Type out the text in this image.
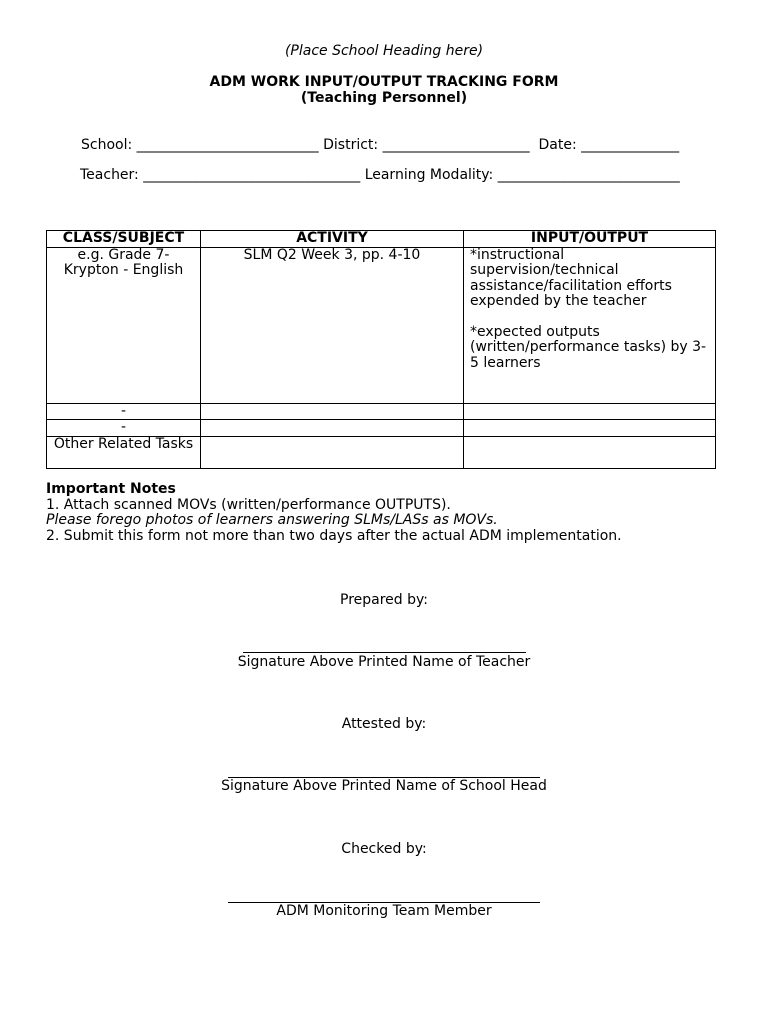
(Place School Heading here)
ADM WORK INPUT/OUTPUT TRACKING FORM
(Teaching Personnel)
School: __________________________ District: _____________________ Date: ______________
Teacher: _______________________________ Learning Modality: __________________________
CLASS/SUBJECT	ACTIVITY	INPUT/OUTPUT
e.g. Grade 7- Krypton - English	SLM Q2 Week 3, pp. 4-10	*instructional supervision/technical assistance/facilitation efforts expended by the teacher
*expected outputs (written/performance tasks) by 3-5 learners

-		
-		
Other Related Tasks		
Important Notes
1. Attach scanned MOVs (written/performance OUTPUTS).
Please forego photos of learners answering SLMs/LASs as MOVs.
2. Submit this form not more than two days after the actual ADM implementation.
Prepared by:
Signature Above Printed Name of Teacher
Attested by:
Signature Above Printed Name of School Head
Checked by:
ADM Monitoring Team Member
